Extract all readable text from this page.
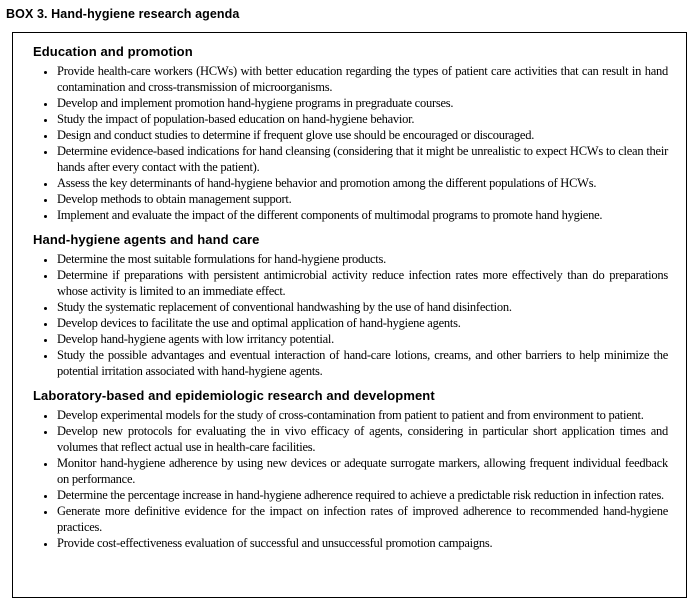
BOX 3. Hand-hygiene research agenda
Education and promotion
• Provide health-care workers (HCWs) with better education regarding the types of patient care activities that can result in hand contamination and cross-transmission of microorganisms.
• Develop and implement promotion hand-hygiene programs in pregraduate courses.
• Study the impact of population-based education on hand-hygiene behavior.
• Design and conduct studies to determine if frequent glove use should be encouraged or discouraged.
• Determine evidence-based indications for hand cleansing (considering that it might be unrealistic to expect HCWs to clean their hands after every contact with the patient).
• Assess the key determinants of hand-hygiene behavior and promotion among the different populations of HCWs.
• Develop methods to obtain management support.
• Implement and evaluate the impact of the different components of multimodal programs to promote hand hygiene.
Hand-hygiene agents and hand care
• Determine the most suitable formulations for hand-hygiene products.
• Determine if preparations with persistent antimicrobial activity reduce infection rates more effectively than do preparations whose activity is limited to an immediate effect.
• Study the systematic replacement of conventional handwashing by the use of hand disinfection.
• Develop devices to facilitate the use and optimal application of hand-hygiene agents.
• Develop hand-hygiene agents with low irritancy potential.
• Study the possible advantages and eventual interaction of hand-care lotions, creams, and other barriers to help minimize the potential irritation associated with hand-hygiene agents.
Laboratory-based and epidemiologic research and development
• Develop experimental models for the study of cross-contamination from patient to patient and from environment to patient.
• Develop new protocols for evaluating the in vivo efficacy of agents, considering in particular short application times and volumes that reflect actual use in health-care facilities.
• Monitor hand-hygiene adherence by using new devices or adequate surrogate markers, allowing frequent individual feedback on performance.
• Determine the percentage increase in hand-hygiene adherence required to achieve a predictable risk reduction in infection rates.
• Generate more definitive evidence for the impact on infection rates of improved adherence to recommended hand-hygiene practices.
• Provide cost-effectiveness evaluation of successful and unsuccessful promotion campaigns.
